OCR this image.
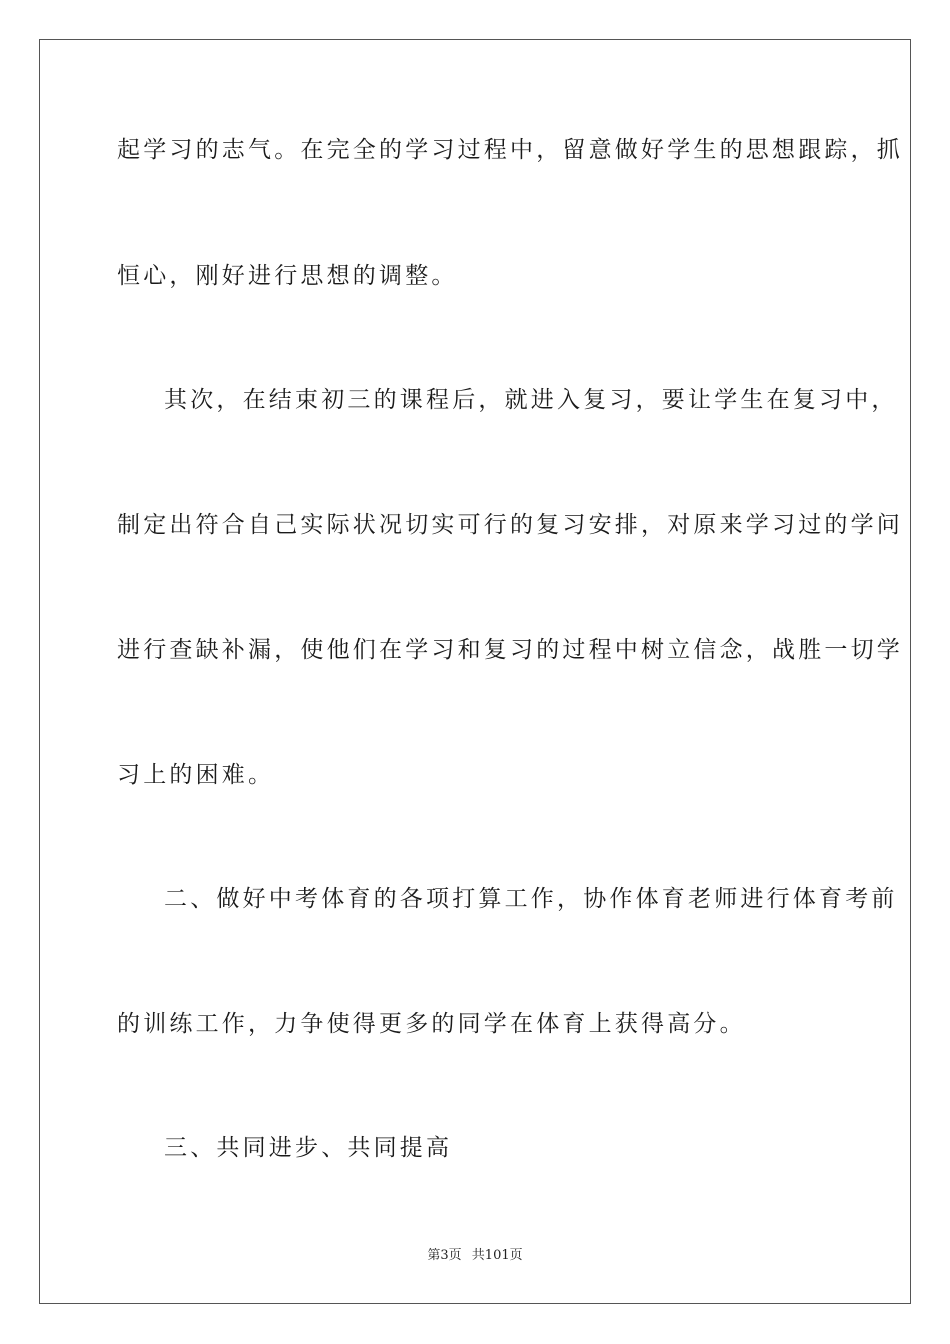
起学习的志气。在完全的学习过程中，留意做好学生的思想跟踪，抓
恒心，刚好进行思想的调整。
其次，在结束初三的课程后，就进入复习，要让学生在复习中，
制定出符合自己实际状况切实可行的复习安排，对原来学习过的学问
进行查缺补漏，使他们在学习和复习的过程中树立信念，战胜一切学
习上的困难。
二、做好中考体育的各项打算工作，协作体育老师进行体育考前
的训练工作，力争使得更多的同学在体育上获得高分。
三、共同进步、共同提高
第3页 共101页
